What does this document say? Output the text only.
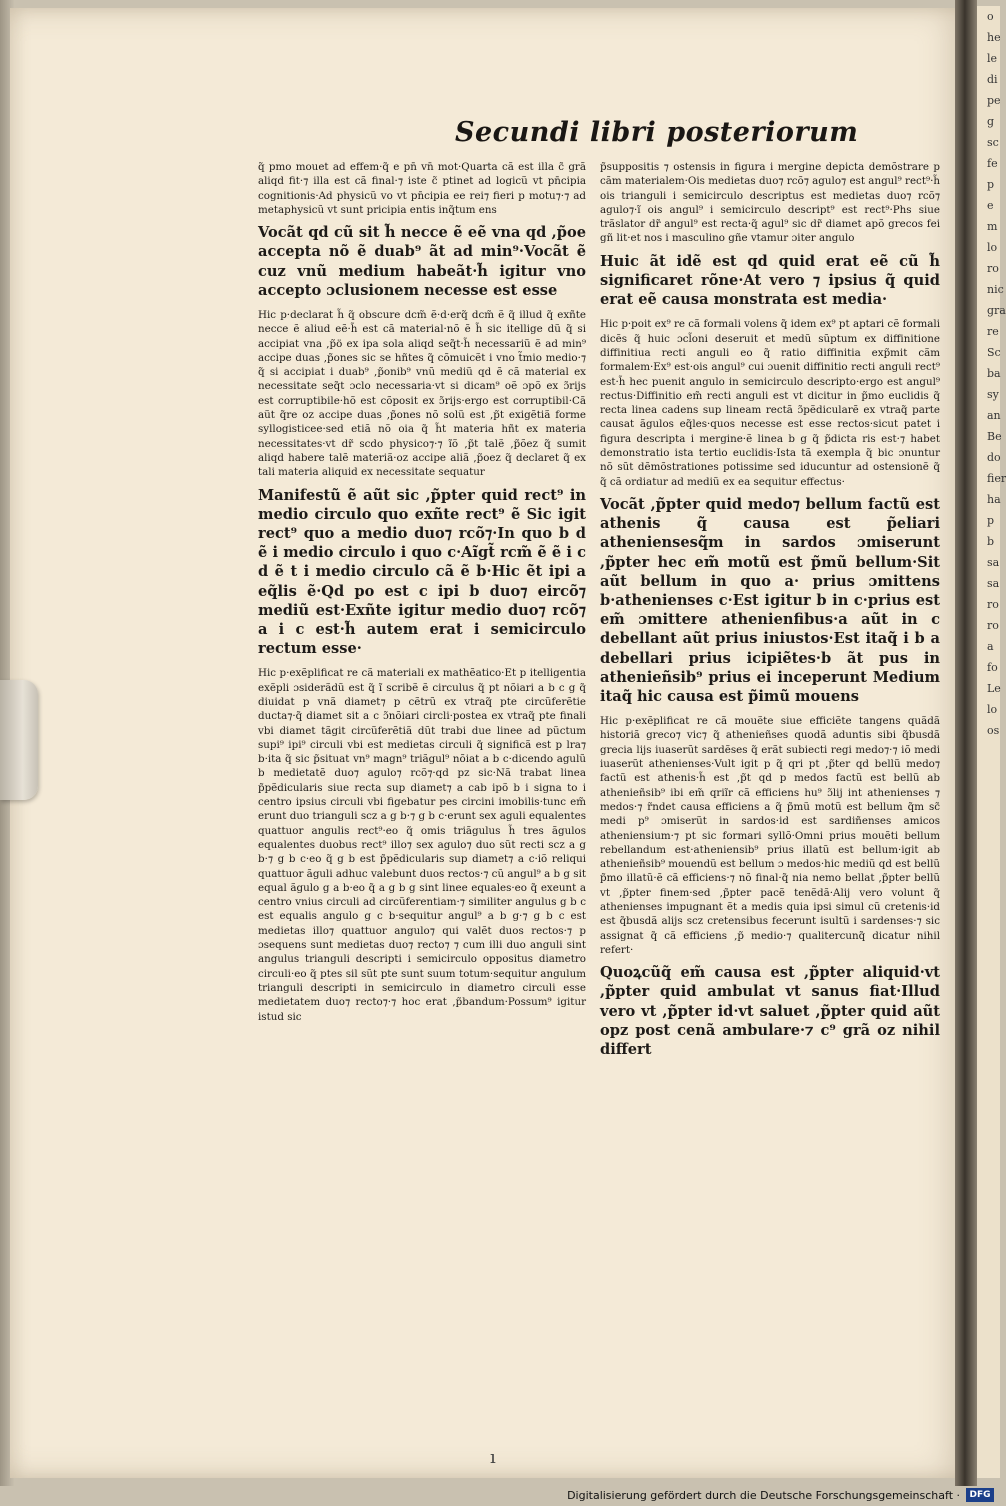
o
he
le
di
pe
g
sc
fe
p
e
m
lo
ro
nic
gra
re
Sc
ba
sy
an
Be
do
fier
ha
p
b
sa
sa
ro
ro
a
fo
Le
lo
os
Secundi libri posteriorum

q̃ pmo mouet ad effem·q̃ e pn̄ vn̄ mot·Quarta cã est illa c̃ grã aliqd fit·⁊ illa est cã final·⁊ iste c̃ ptinet ad logicũ vt pn̄cipia cognitionis·Ad physicũ vo vt pn̄cipia ee rei⁊ fieri p motu⁊·⁊ ad metaphysicũ vt sunt pricipia entis inq̃tum ens

Vocãt qd cũ sit h̃ necce ẽ eẽ vna qd ,p̃oe accepta nõ ẽ duab⁹ ãt ad min⁹·Vocãt ẽ cuz vnũ medium habeãt·h̃ igitur vno accepto ɔclusionem necesse est esse

Hic p·declarat h̃ q̃ obscure dcm̃ ẽ·d·erq̃ dcm̃ ẽ q̃ illud q̃ exñte necce ẽ aliud eẽ·h̃ est cã material·nõ ẽ h̃ sic itellige dũ q̃ si accipiat vna ,p̃ö ex ipa sola aliqd seq̃t·h̃ necessariũ ẽ ad min⁹ accipe duas ,p̃ones sic se hñtes q̃ cõmuicẽt i vno t̃mio medio·⁊ q̃ si accipiat i duab⁹ ,p̃onib⁹ vnũ mediũ qd ẽ cã material ex necessitate seq̃t ɔclo necessaria·vt si dicam⁹ oẽ ɔpõ ex ɔ̃rijs est corruptibile·hõ est cõposit ex ɔ̃rijs·ergo est corruptibil·Cã aũt q̃re oz accipe duas ,p̃ones nõ solũ est ,p̃t exigẽtiã forme syllogisticee·sed etiã nõ oia q̃ h̃t materia hñt ex materia necessitates·vt dr̃ scdo physico⁊·⁊ ĩõ ,p̃t talẽ ,p̃õez q̃ sumit aliqd habere talẽ materiã·oz accipe aliã ,p̃oez q̃ declaret q̃ ex tali materia aliquid ex necessitate sequatur

Manifestũ ẽ aũt sic ,p̃pter quid rect⁹ in medio circulo quo exñte rect⁹ ẽ Sic igit rect⁹ quo a medio duo⁊ rcõ⁊·In quo b d ẽ i medio circulo i quo c·Aĩgt̃ rcm̃ ẽ ẽ i c d ẽ t i medio circulo cã ẽ b·Hic ẽt ipi a eq̃lis ẽ·Qd po est c ipi b duo⁊ eircõ⁊ mediũ est·Exñte igitur medio duo⁊ rcõ⁊ a i c est·h̃ autem erat i semicirculo rectum esse·

Hic p·exẽplificat re cã materiali ex mathẽatico·Et p itelligentia exẽpli ɔsiderãdũ est q̃ ĩ scribẽ ẽ circulus q̃ pt nõiari a b c g q̃ diuidat p vnã diamet⁊ p cẽtrũ ex vtraq̃ pte circũferẽtie ducta⁊·q̃ diamet sit a c ɔ̃nõiari circli·postea ex vtraq̃ pte finali vbi diamet tãgit circũferẽtiã dũt trabi due linee ad pũctum supi⁹ ipi⁹ circuli vbi est medietas circuli q̃ significã est p lra⁊ b·ita q̃ sic p̃situat vn⁹ magn⁹ triãgul⁹ nõiat a b c·dicendo agulũ b medietatẽ duo⁊ agulo⁊ rcõ⁊·qd pz sic·Nã trabat linea p̃pẽdicularis siue recta sup diamet⁊ a cab ipõ b i signa to i centro ipsius circuli vbi figebatur pes circini imobilis·tunc em̃ erunt duo trianguli scz a g b·⁊ g b c·erunt sex aguli equalentes quattuor angulis rect⁹·eo q̃ omis triãgulus h̃ tres ãgulos equalentes duobus rect⁹ illo⁊ sex agulo⁊ duo sũt recti scz a g b·⁊ g b c·eo q̃ g b est p̃pẽdicularis sup diamet⁊ a c·iõ reliqui quattuor ãguli adhuc valebunt duos rectos·⁊ cũ angul⁹ a b g sit equal ãgulo g a b·eo q̃ a g b g sint linee equales·eo q̃ exeunt a centro vnius circuli ad circũferentiam·⁊ similiter angulus g b c est equalis angulo g c b·sequitur angul⁹ a b g·⁊ g b c est medietas illo⁊ quattuor angulo⁊ qui valẽt duos rectos·⁊ p ɔsequens sunt medietas duo⁊ recto⁊ ⁊ cum illi duo anguli sint angulus trianguli descripti i semicirculo oppositus diametro circuli·eo q̃ ptes sil sũt pte sunt suum totum·sequitur angulum trianguli descripti in semicirculo in diametro circuli esse medietatem duo⁊ recto⁊·⁊ hoc erat ,p̃bandum·Possum⁹ igitur istud sic

p̃suppositis ⁊ ostensis in figura i mergine depicta demõstrare p cãm materialem·Ois medietas duo⁊ rcõ⁊ agulo⁊ est angul⁹ rect⁹·h̃ ois trianguli i semicirculo descriptus est medietas duo⁊ rcõ⁊ agulo⁊·ĩ ois angul⁹ i semicirculo descript⁹ est rect⁹·Phs siue trãslator dr̃ angul⁹ est recta·q̃ agul⁹ sic dr̃ diamet apõ grecos fei gñ lit·et nos i masculino gñe vtamur ɔiter angulo

Huic ãt idẽ est qd quid erat eẽ cũ h̃ significaret rõne·At vero ⁊ ipsius q̃ quid erat eẽ causa monstrata est media·

Hic p·poit ex⁹ re cã formali volens q̃ idem ex⁹ pt aptari cẽ formali dicẽs q̃ huic ɔcl̃oni deseruit et medũ sũptum ex diffinitione diffinitiua recti anguli eo q̃ ratio diffinitia exp̃mit cãm formalem·Ex⁹ est·ois angul⁹ cui ɔuenit diffinitio recti anguli rect⁹ est·h̃ hec puenit angulo in semicirculo descripto·ergo est angul⁹ rectus·Diffinitio em̃ recti anguli est vt dicitur in p̃mo euclidis q̃ recta linea cadens sup lineam rectã ɔ̃pẽdicularẽ ex vtraq̃ parte causat ãgulos eq̃les·quos necesse est esse rectos·sicut patet i figura descripta i mergine·ẽ linea b g q̃ p̃dicta ris est·⁊ habet demonstratio ista tertio euclidis·Ista tã exempla q̃ bic ɔnuntur nõ sũt dẽmõstrationes potissime sed iducuntur ad ostensionẽ q̃ q̃ cã ordiatur ad mediũ ex ea sequitur effectus·

Vocãt ,p̃pter quid medo⁊ bellum factũ est athenis q̃ causa est p̃eliari atheniensesq̃m in sardos ɔmiserunt ,p̃pter hec em̃ motũ est p̃mũ bellum·Sit aũt bellum in quo a· prius ɔmittens b·athenienses c·Est igitur b in c·prius est em̃ ɔmittere athenienfibus·a aũt in c debellant aũt prius iniustos·Est itaq̃ i b a debellari prius icipiẽtes·b ãt pus in athenieñsib⁹ prius ei inceperunt Medium itaq̃ hic causa est p̃imũ mouens

Hic p·exẽplificat re cã mouẽte siue efficiẽte tangens quãdã historiã greco⁊ vic⁊ q̃ athenieñses quodã aduntis sibi q̃busdã grecia lijs iuaserũt sardẽses q̃ erãt subiecti regi medo⁊·⁊ iõ medi iuaserũt athenienses·Vult igit p q̃ qri pt ,p̃ter qd bellũ medo⁊ factũ est athenis·h̃ est ,p̃t qd p medos factũ est bellũ ab athenieñsib⁹ ibi em̃ qriĩr cã efficiens hu⁹ ɔ̃lij int athenienses ⁊ medos·⁊ r̃ndet causa efficiens a q̃ p̃mũ motũ est bellum q̃m sc̃ medi p⁹ ɔmiserũt in sardos·id est sardiñenses amicos atheniensium·⁊ pt sic formari syllõ·Omni prius mouẽti bellum rebellandum est·atheniensib⁹ prius illatũ est bellum·igit ab athenieñsib⁹ mouendũ est bellum ɔ medos·hic mediũ qd est bellũ p̃mo illatũ·ẽ cã efficiens·⁊ nõ final·q̃ nia nemo bellat ,p̃pter bellũ vt ,p̃pter finem·sed ,p̃pter pacẽ tenẽdã·Alij vero volunt q̃ athenienses impugnant ẽt a medis quia ipsi simul cũ cretenis·id est q̃busdã alijs scz cretensibus fecerunt isultũ i sardenses·⁊ sic assignat q̃ cã efficiens ,p̃ medio·⁊ qualitercunq̃ dicatur nihil refert·

Quoꝝcũq̃ em̃ causa est ,p̃pter aliquid·vt ,p̃pter quid ambulat vt sanus fiat·Illud vero vt ,p̃pter id·vt saluet ,p̃pter quid aũt opz post cenã ambulare·⁊ c⁹ grã oz nihil differt

ı
Digitalisierung gefördert durch die Deutsche Forschungsgemeinschaft ·	DFG
